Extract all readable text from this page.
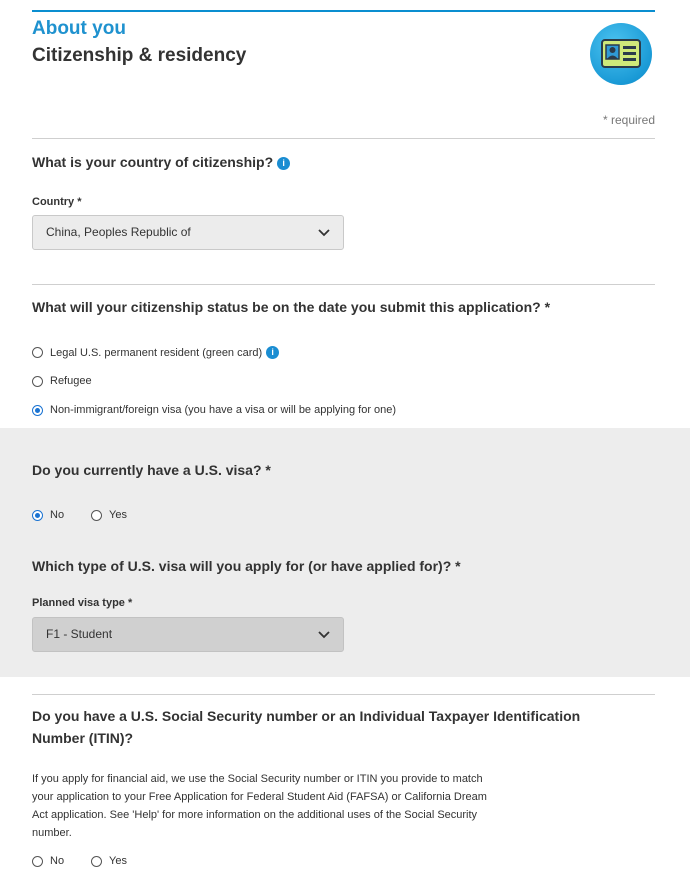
About you
Citizenship & residency
* required
What is your country of citizenship? i
Country *
China, Peoples Republic of
What will your citizenship status be on the date you submit this application? *
Legal U.S. permanent resident (green card)	i
Refugee
Non-immigrant/foreign visa (you have a visa or will be applying for one)
Do you currently have a U.S. visa? *
No	Yes
Which type of U.S. visa will you apply for (or have applied for)? *
Planned visa type *
F1 - Student
Do you have a U.S. Social Security number or an Individual Taxpayer Identification Number (ITIN)?
If you apply for financial aid, we use the Social Security number or ITIN you provide to match your application to your Free Application for Federal Student Aid (FAFSA) or California Dream Act application. See 'Help' for more information on the additional uses of the Social Security number.
No	Yes
